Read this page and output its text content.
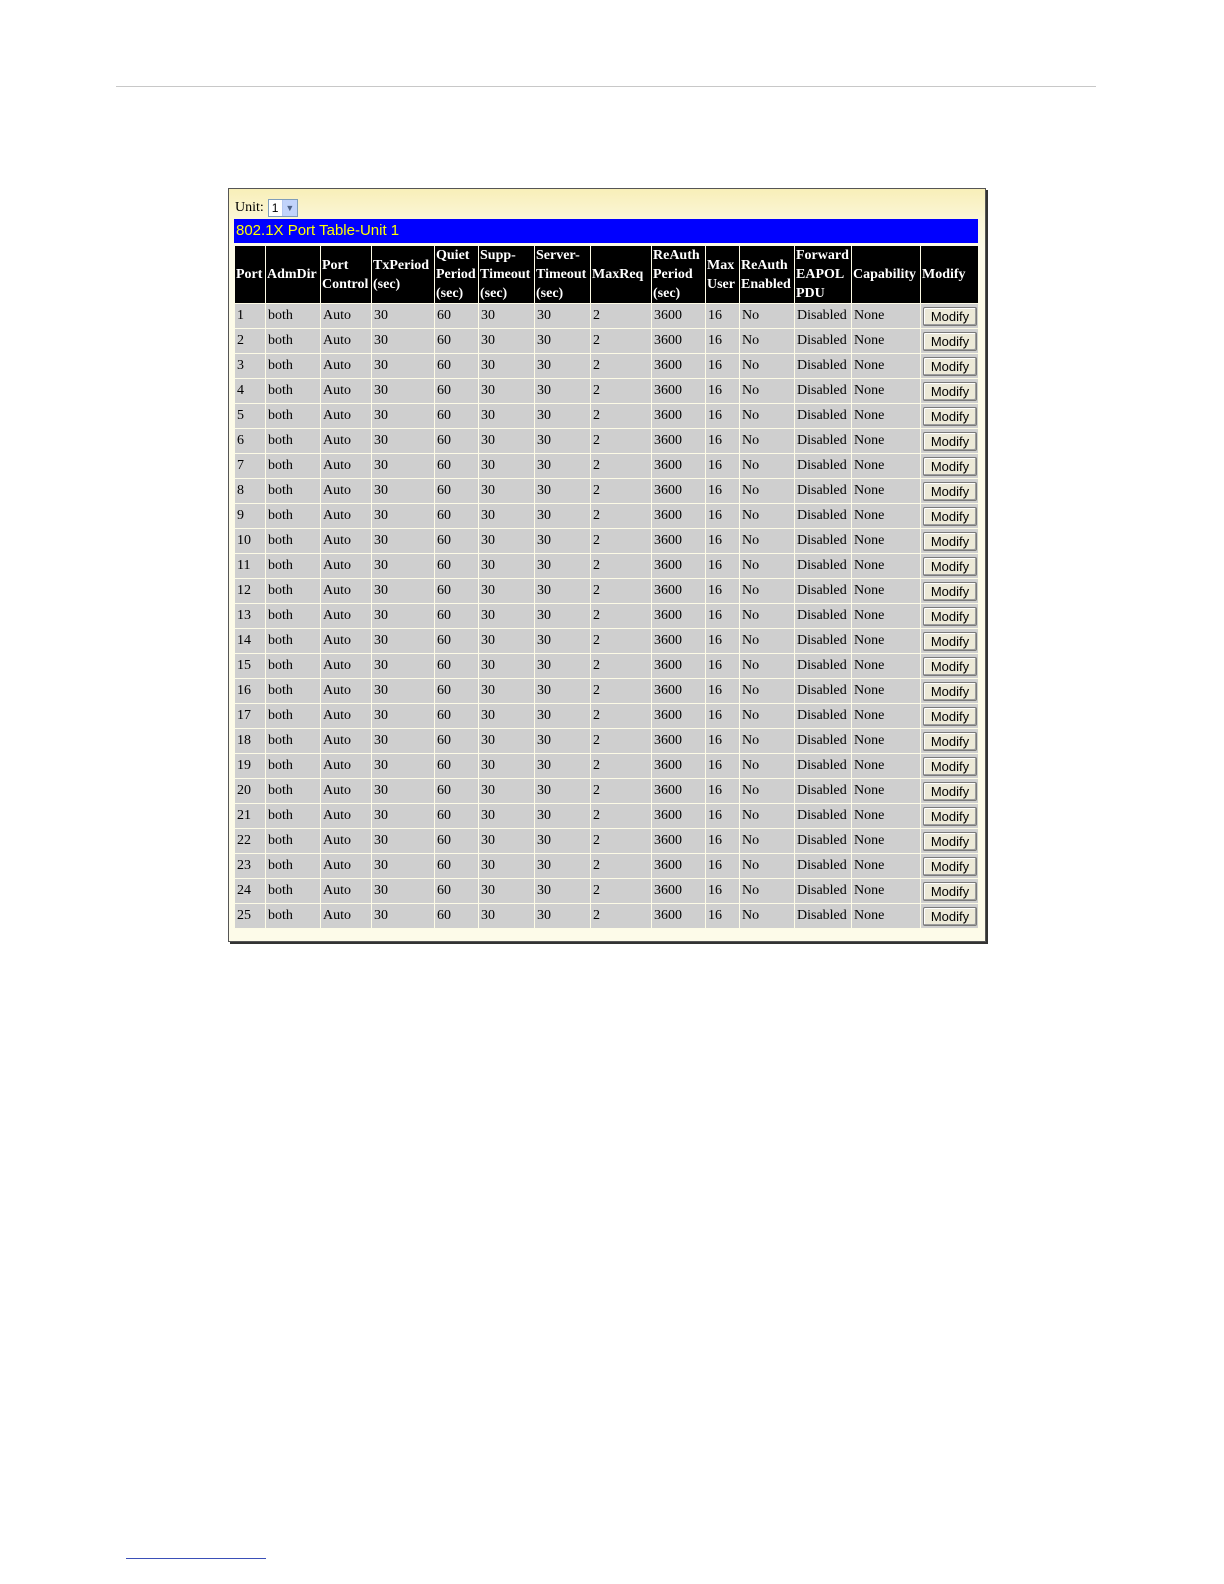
Unit: 1 ▼
802.1X Port Table-Unit 1
Port	AdmDir	Port Control	TxPeriod (sec)	Quiet Period (sec)	Supp-Timeout (sec)	Server-Timeout (sec)	MaxReq	ReAuth Period (sec)	Max User	ReAuth Enabled	Forward EAPOL PDU	Capability	Modify
1	both	Auto	30	60	30	30	2	3600	16	No	Disabled	None	Modify

2	both	Auto	30	60	30	30	2	3600	16	No	Disabled	None	Modify

3	both	Auto	30	60	30	30	2	3600	16	No	Disabled	None	Modify

4	both	Auto	30	60	30	30	2	3600	16	No	Disabled	None	Modify

5	both	Auto	30	60	30	30	2	3600	16	No	Disabled	None	Modify

6	both	Auto	30	60	30	30	2	3600	16	No	Disabled	None	Modify

7	both	Auto	30	60	30	30	2	3600	16	No	Disabled	None	Modify

8	both	Auto	30	60	30	30	2	3600	16	No	Disabled	None	Modify

9	both	Auto	30	60	30	30	2	3600	16	No	Disabled	None	Modify

10	both	Auto	30	60	30	30	2	3600	16	No	Disabled	None	Modify

11	both	Auto	30	60	30	30	2	3600	16	No	Disabled	None	Modify

12	both	Auto	30	60	30	30	2	3600	16	No	Disabled	None	Modify

13	both	Auto	30	60	30	30	2	3600	16	No	Disabled	None	Modify

14	both	Auto	30	60	30	30	2	3600	16	No	Disabled	None	Modify

15	both	Auto	30	60	30	30	2	3600	16	No	Disabled	None	Modify

16	both	Auto	30	60	30	30	2	3600	16	No	Disabled	None	Modify

17	both	Auto	30	60	30	30	2	3600	16	No	Disabled	None	Modify

18	both	Auto	30	60	30	30	2	3600	16	No	Disabled	None	Modify

19	both	Auto	30	60	30	30	2	3600	16	No	Disabled	None	Modify

20	both	Auto	30	60	30	30	2	3600	16	No	Disabled	None	Modify

21	both	Auto	30	60	30	30	2	3600	16	No	Disabled	None	Modify

22	both	Auto	30	60	30	30	2	3600	16	No	Disabled	None	Modify

23	both	Auto	30	60	30	30	2	3600	16	No	Disabled	None	Modify

24	both	Auto	30	60	30	30	2	3600	16	No	Disabled	None	Modify

25	both	Auto	30	60	30	30	2	3600	16	No	Disabled	None	Modify
